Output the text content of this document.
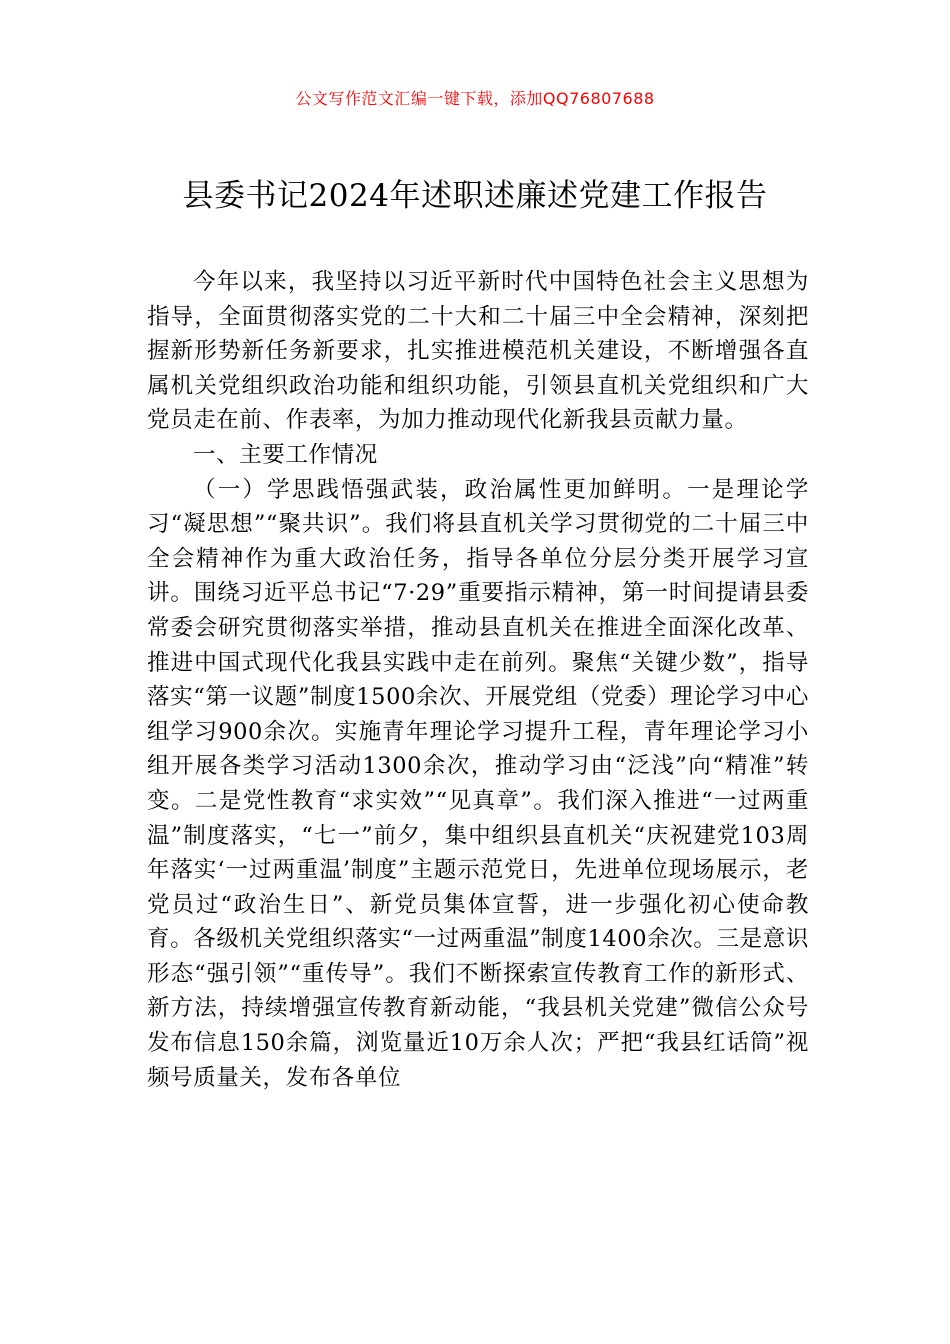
公文写作范文汇编一键下载，添加QQ76807688
县委书记2024年述职述廉述党建工作报告

今年以来，我坚持以习近平新时代中国特色社会主义思想为指导，全面贯彻落实党的二十大和二十届三中全会精神，深刻把握新形势新任务新要求，扎实推进模范机关建设，不断增强各直属机关党组织政治功能和组织功能，引领县直机关党组织和广大党员走在前、作表率，为加力推动现代化新我县贡献力量。

一、主要工作情况

（一）学思践悟强武装，政治属性更加鲜明。一是理论学习“凝思想”“聚共识”。我们将县直机关学习贯彻党的二十届三中全会精神作为重大政治任务，指导各单位分层分类开展学习宣讲。围绕习近平总书记“7·29”重要指示精神，第一时间提请县委常委会研究贯彻落实举措，推动县直机关在推进全面深化改革、推进中国式现代化我县实践中走在前列。聚焦“关键少数”，指导落实“第一议题”制度1500余次、开展党组（党委）理论学习中心组学习900余次。实施青年理论学习提升工程，青年理论学习小组开展各类学习活动1300余次，推动学习由“泛浅”向“精准”转变。二是党性教育“求实效”“见真章”。我们深入推进“一过两重温”制度落实，“七一”前夕，集中组织县直机关“庆祝建党103周年落实‘一过两重温’制度”主题示范党日，先进单位现场展示，老党员过“政治生日”、新党员集体宣誓，进一步强化初心使命教育。各级机关党组织落实“一过两重温”制度1400余次。三是意识形态“强引领”“重传导”。我们不断探索宣传教育工作的新形式、新方法，持续增强宣传教育新动能，“我县机关党建”微信公众号发布信息150余篇，浏览量近10万余人次；严把“我县红话筒”视频号质量关，发布各单位
